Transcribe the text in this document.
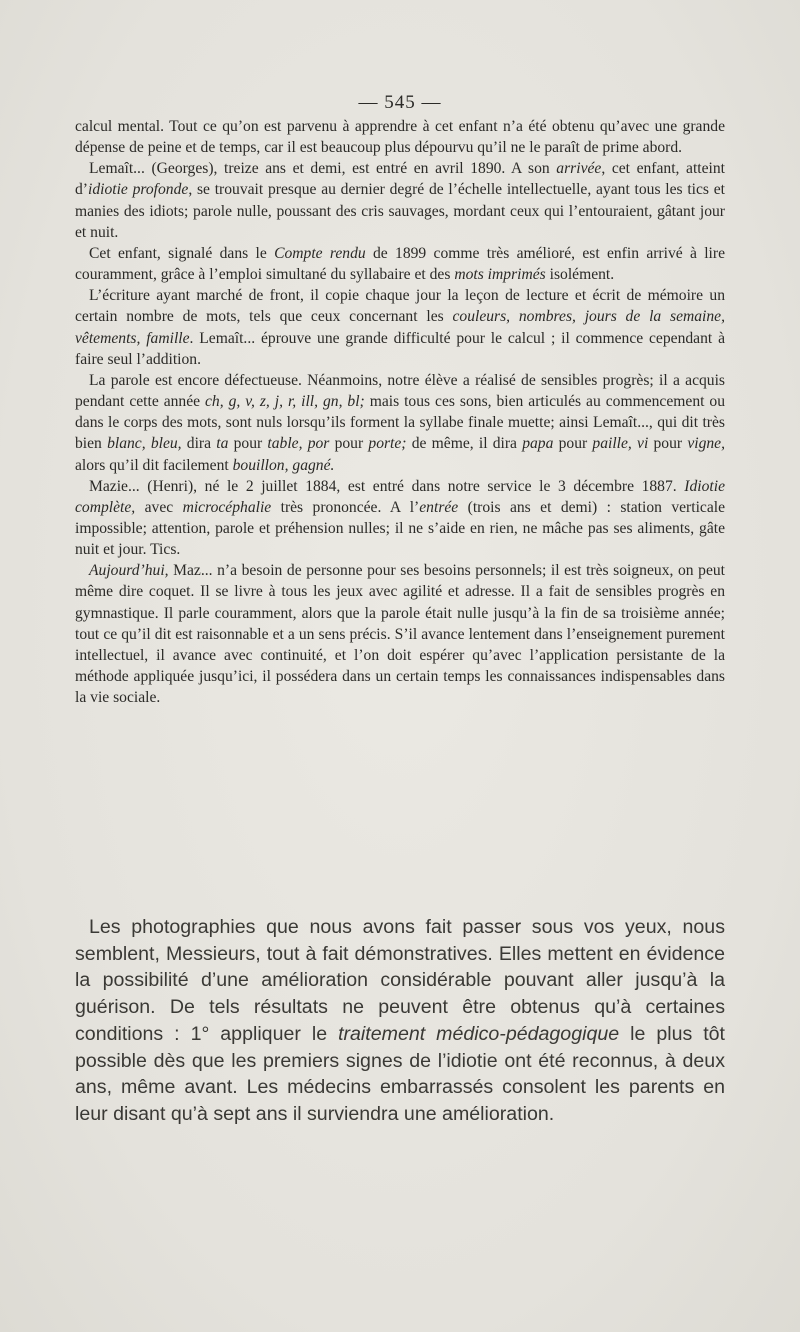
— 545 —

calcul mental. Tout ce qu’on est parvenu à apprendre à cet enfant n’a été obtenu qu’avec une grande dépense de peine et de temps, car il est beaucoup plus dépourvu qu’il ne le paraît de prime abord.

Lemaît... (Georges), treize ans et demi, est entré en avril 1890. A son arrivée, cet enfant, atteint d’idiotie profonde, se trouvait presque au dernier degré de l’échelle intellectuelle, ayant tous les tics et manies des idiots; parole nulle, poussant des cris sauvages, mordant ceux qui l’entouraient, gâtant jour et nuit.

Cet enfant, signalé dans le Compte rendu de 1899 comme très amélioré, est enfin arrivé à lire couramment, grâce à l’emploi simultané du syllabaire et des mots imprimés isolément.

L’écriture ayant marché de front, il copie chaque jour la leçon de lecture et écrit de mémoire un certain nombre de mots, tels que ceux concernant les couleurs, nombres, jours de la semaine, vêtements, famille. Lemaît... éprouve une grande difficulté pour le calcul ; il commence cependant à faire seul l’addition.

La parole est encore défectueuse. Néanmoins, notre élève a réalisé de sensibles progrès; il a acquis pendant cette année ch, g, v, z, j, r, ill, gn, bl; mais tous ces sons, bien articulés au commencement ou dans le corps des mots, sont nuls lorsqu’ils forment la syllabe finale muette; ainsi Lemaît..., qui dit très bien blanc, bleu, dira ta pour table, por pour porte; de même, il dira papa pour paille, vi pour vigne, alors qu’il dit facilement bouillon, gagné.

Mazie... (Henri), né le 2 juillet 1884, est entré dans notre service le 3 décembre 1887. Idiotie complète, avec microcéphalie très prononcée. A l’entrée (trois ans et demi) : station verticale impossible; attention, parole et préhension nulles; il ne s’aide en rien, ne mâche pas ses aliments, gâte nuit et jour. Tics.

Aujourd’hui, Maz... n’a besoin de personne pour ses besoins personnels; il est très soigneux, on peut même dire coquet. Il se livre à tous les jeux avec agilité et adresse. Il a fait de sensibles progrès en gymnastique. Il parle couramment, alors que la parole était nulle jusqu’à la fin de sa troisième année; tout ce qu’il dit est raisonnable et a un sens précis. S’il avance lentement dans l’enseignement purement intellectuel, il avance avec continuité, et l’on doit espérer qu’avec l’application persistante de la méthode appliquée jusqu’ici, il possédera dans un certain temps les connaissances indispensables dans la vie sociale.

Les photographies que nous avons fait passer sous vos yeux, nous semblent, Messieurs, tout à fait démonstratives. Elles mettent en évidence la possibilité d’une amélioration considérable pouvant aller jusqu’à la guérison. De tels résultats ne peuvent être obtenus qu’à certaines conditions : 1° appliquer le traitement médico-pédagogique le plus tôt possible dès que les premiers signes de l’idiotie ont été reconnus, à deux ans, même avant. Les médecins embarrassés consolent les parents en leur disant qu’à sept ans il surviendra une amélioration.
